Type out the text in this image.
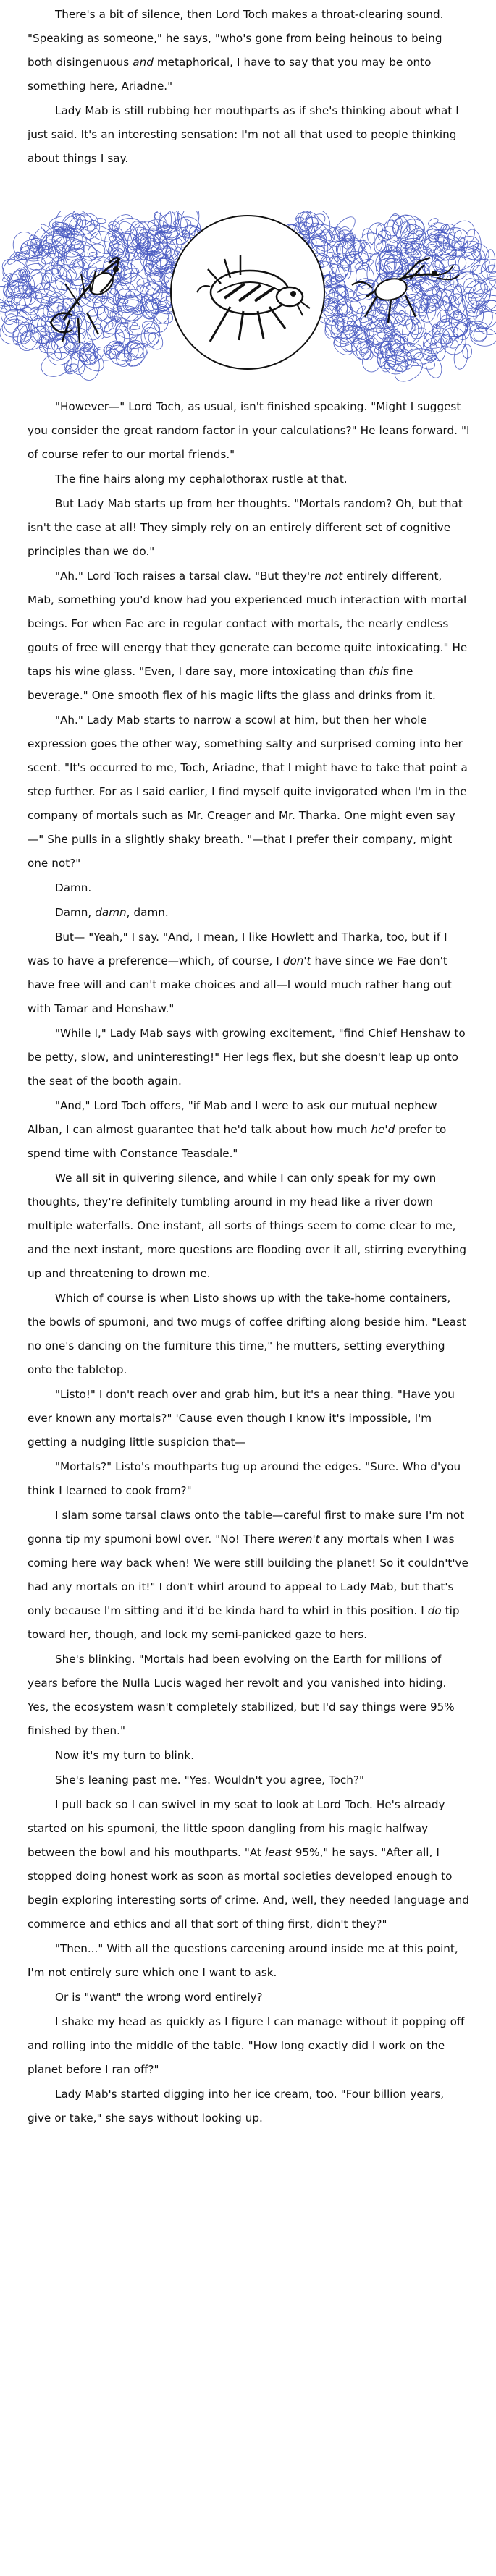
There's a bit of silence, then Lord Toch makes a throat-clearing sound. "Speaking as someone," he says, "who's gone from being heinous to being both disingenuous and metaphorical, I have to say that you may be onto something here, Ariadne."

Lady Mab is still rubbing her mouthparts as if she's thinking about what I just said. It's an interesting sensation: I'm not all that used to people thinking about things I say.

"However—" Lord Toch, as usual, isn't finished speaking. "Might I suggest you consider the great random factor in your calculations?" He leans forward. "I of course refer to our mortal friends."

The fine hairs along my cephalothorax rustle at that.

But Lady Mab starts up from her thoughts. "Mortals random? Oh, but that isn't the case at all! They simply rely on an entirely different set of cognitive principles than we do."

"Ah." Lord Toch raises a tarsal claw. "But they're not entirely different, Mab, something you'd know had you experienced much interaction with mortal beings. For when Fae are in regular contact with mortals, the nearly endless gouts of free will energy that they generate can become quite intoxicating." He taps his wine glass. "Even, I dare say, more intoxicating than this fine beverage." One smooth flex of his magic lifts the glass and drinks from it.

"Ah." Lady Mab starts to narrow a scowl at him, but then her whole expression goes the other way, something salty and surprised coming into her scent. "It's occurred to me, Toch, Ariadne, that I might have to take that point a step further. For as I said earlier, I find myself quite invigorated when I'm in the company of mortals such as Mr. Creager and Mr. Tharka. One might even say—" She pulls in a slightly shaky breath. "—that I prefer their company, might one not?"

Damn.

Damn, damn, damn.

But— "Yeah," I say. "And, I mean, I like Howlett and Tharka, too, but if I was to have a preference—which, of course, I don't have since we Fae don't have free will and can't make choices and all—I would much rather hang out with Tamar and Henshaw."

"While I," Lady Mab says with growing excitement, "find Chief Henshaw to be petty, slow, and uninteresting!" Her legs flex, but she doesn't leap up onto the seat of the booth again.

"And," Lord Toch offers, "if Mab and I were to ask our mutual nephew Alban, I can almost guarantee that he'd talk about how much he'd prefer to spend time with Constance Teasdale."

We all sit in quivering silence, and while I can only speak for my own thoughts, they're definitely tumbling around in my head like a river down multiple waterfalls. One instant, all sorts of things seem to come clear to me, and the next instant, more questions are flooding over it all, stirring everything up and threatening to drown me.

Which of course is when Listo shows up with the take-home containers, the bowls of spumoni, and two mugs of coffee drifting along beside him. "Least no one's dancing on the furniture this time," he mutters, setting everything onto the tabletop.

"Listo!" I don't reach over and grab him, but it's a near thing. "Have you ever known any mortals?" 'Cause even though I know it's impossible, I'm getting a nudging little suspicion that—

"Mortals?" Listo's mouthparts tug up around the edges. "Sure. Who d'you think I learned to cook from?"

I slam some tarsal claws onto the table—careful first to make sure I'm not gonna tip my spumoni bowl over. "No! There weren't any mortals when I was coming here way back when! We were still building the planet! So it couldn't've had any mortals on it!" I don't whirl around to appeal to Lady Mab, but that's only because I'm sitting and it'd be kinda hard to whirl in this position. I do tip toward her, though, and lock my semi-panicked gaze to hers.

She's blinking. "Mortals had been evolving on the Earth for millions of years before the Nulla Lucis waged her revolt and you vanished into hiding. Yes, the ecosystem wasn't completely stabilized, but I'd say things were 95% finished by then."

Now it's my turn to blink.

She's leaning past me. "Yes. Wouldn't you agree, Toch?"

I pull back so I can swivel in my seat to look at Lord Toch. He's already started on his spumoni, the little spoon dangling from his magic halfway between the bowl and his mouthparts. "At least 95%," he says. "After all, I stopped doing honest work as soon as mortal societies developed enough to begin exploring interesting sorts of crime. And, well, they needed language and commerce and ethics and all that sort of thing first, didn't they?"

"Then..." With all the questions careening around inside me at this point, I'm not entirely sure which one I want to ask.

Or is "want" the wrong word entirely?

I shake my head as quickly as I figure I can manage without it popping off and rolling into the middle of the table. "How long exactly did I work on the planet before I ran off?"

Lady Mab's started digging into her ice cream, too. "Four billion years, give or take," she says without looking up.
